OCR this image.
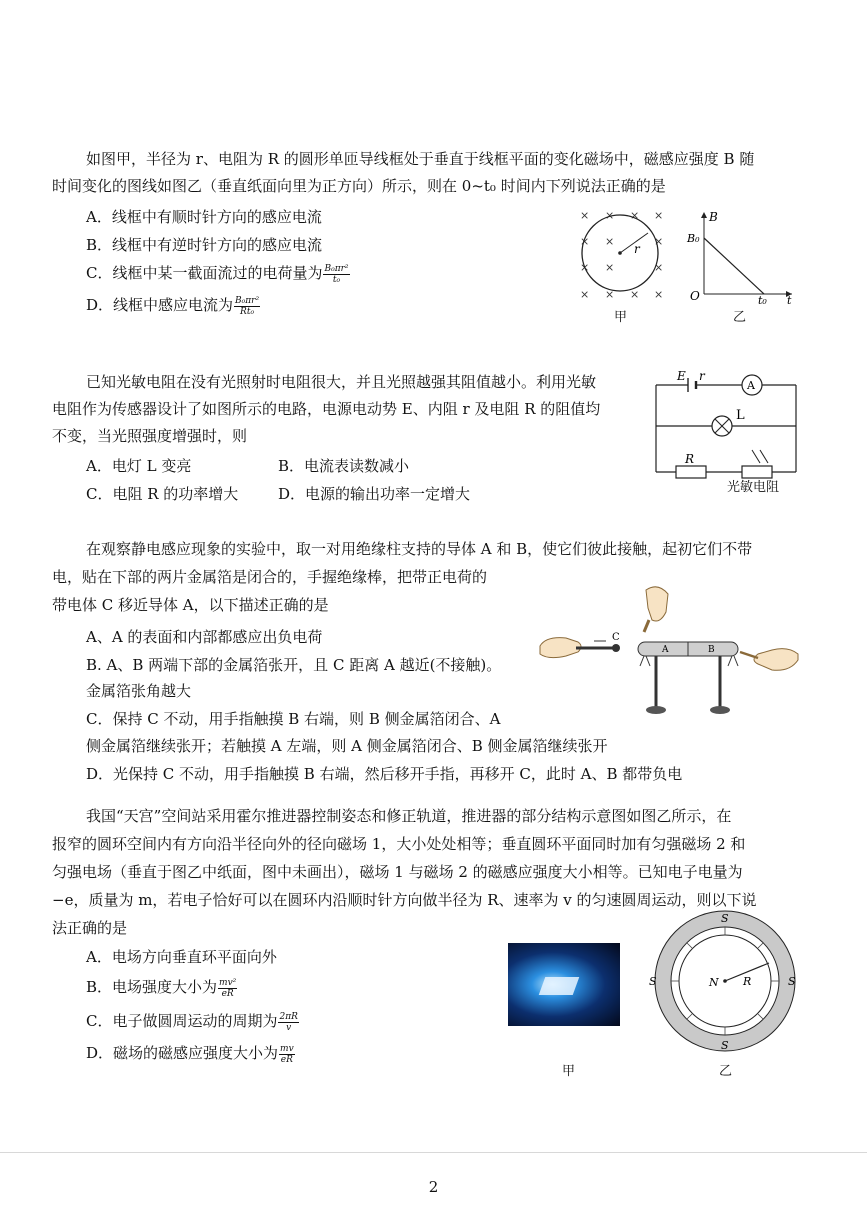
如图甲，半径为 r、电阻为 R 的圆形单匝导线框处于垂直于线框平面的变化磁场中，磁感应强度 B 随
时间变化的图线如图乙（垂直纸面向里为正方向）所示，则在 0~t₀ 时间内下列说法正确的是
A．线框中有顺时针方向的感应电流
B．线框中有逆时针方向的感应电流
C．线框中某一截面流过的电荷量为 $\frac{\text{B₀πr²}}{\text{t₀}}$
D．线框中感应电流为 $\frac{\text{B₀πr²}}{\text{Rt₀}}$
× × × ×
×	×
×
× ×	×
× × × ×
r
甲
B
B₀
O	t₀ t
乙
已知光敏电阻在没有光照射时电阻很大，并且光照越强其阻值越小。利用光敏
电阻作为传感器设计了如图所示的电路，电源电动势 E、内阻 r 及电阻 R 的阻值均
不变，当光照强度增强时，则
A．电灯 L 变亮	B．电流表读数减小
C．电阻 R 的功率增大	D．电源的输出功率一定增大
E r
A
L
R
光敏电阻
在观察静电感应现象的实验中，取一对用绝缘柱支持的导体 A 和 B，使它们彼此接触，起初它们不带
电，贴在下部的两片金属箔是闭合的，手握绝缘棒，把带正电荷的
带电体 C 移近导体 A，以下描述正确的是
A、A 的表面和内部都感应出负电荷
B. A、B 两端下部的金属箔张开，且 C 距离 A 越近(不接触)。
金属箔张角越大
C．保持 C 不动，用手指触摸 B 右端，则 B 侧金属箔闭合、A
侧金属箔继续张开；若触摸 A 左端，则 A 侧金属箔闭合、B 侧金属箔继续张开
D．光保持 C 不动，用手指触摸 B 右端，然后移开手指，再移开 C，此时 A、B 都带负电
C
A	B
我国“天宫”空间站采用霍尔推进器控制姿态和修正轨道，推进器的部分结构示意图如图乙所示，在
报窄的圆环空间内有方向沿半径向外的径向磁场 1，大小处处相等；垂直圆环平面同时加有匀强磁场 2 和
匀强电场（垂直于图乙中纸面，图中未画出），磁场 1 与磁场 2 的磁感应强度大小相等。已知电子电量为
−e，质量为 m，若电子恰好可以在圆环内沿顺时针方向做半径为 R、速率为 v 的匀速圆周运动，则以下说
法正确的是
A．电场方向垂直环平面向外
B．电场强度大小为 $\frac{\text{mv²}}{eR}$
C．电子做圆周运动的周期为 $\frac{2\pi R}{v}$
D．磁场的磁感应强度大小为 $\frac{mv}{eR}$
甲
N R
S
S
S	S
乙
2
